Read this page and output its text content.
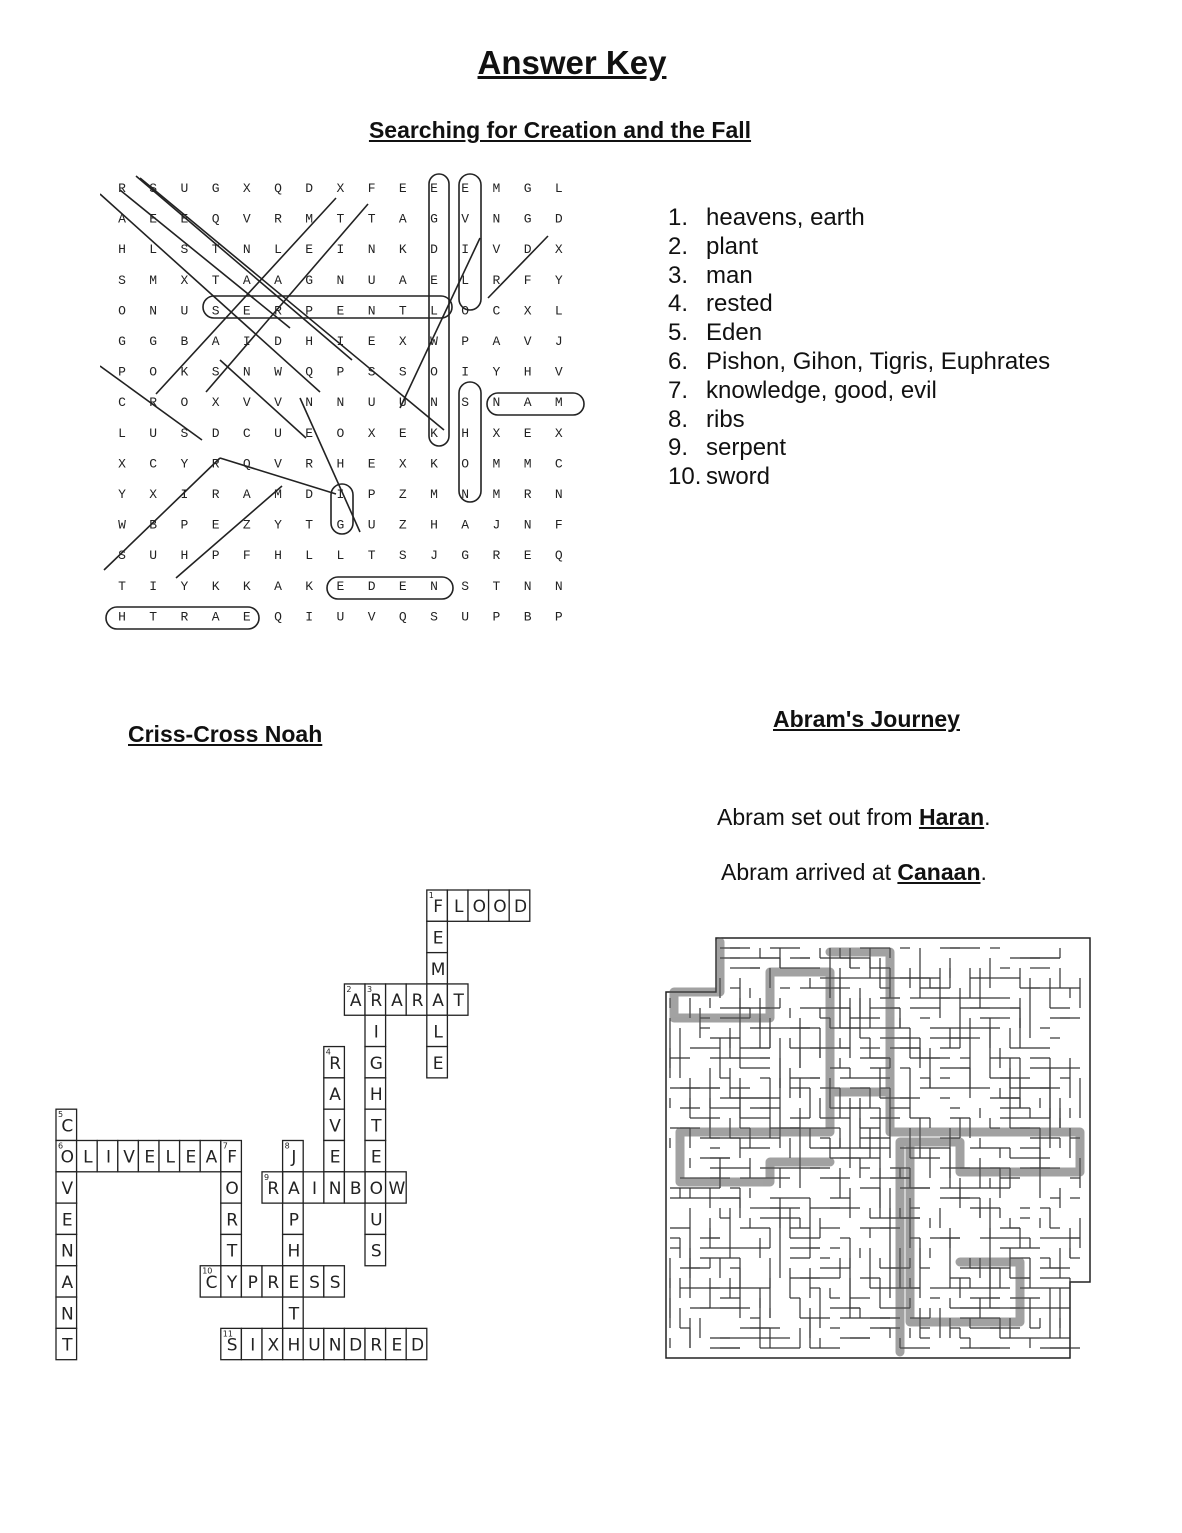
Answer Key
Searching for Creation and the Fall
R S U G X Q D X F E E E M G L
A E E Q V R M T T A G V N G D
H L S T N L E I N K D I V D X
S M X T A A G N U A E L R F Y
O N U S E R P E N T L O C X L
G G B A I D H I E X W P A V J
P O K S N W Q P S S O I Y H V
C R O X V V N N U U N S N A M
L U S D C U E O X E K H X E X
X C Y R Q V R H E X K O M M C
Y X I R A M D I P Z M N M R N
W B P E Z Y T G U Z H A J N F
S U H P F H L L T S J G R E Q
T I Y K K A K E D E N S T N N
H T R A E Q I U V Q S U P B P
1. heavens, earth
2. plant
3. man
4. rested
5. Eden
6. Pishon, Gihon, Tigris, Euphrates
7. knowledge, good, evil
8. ribs
9. serpent
10. sword
Criss-Cross Noah
F
1
L O O D
E
M
A
L
E
A
2
R
3
A R T
I
G
H
T
E
O
U
S
R
4
A
V
E
N
C
5
O
6
V
E
N
A
N
T
L I V E L E A F
7
O
R
T
Y
J
8
A
P
H
E
T
H
R
9
I B W
C
10
P R S S
S
11
I X U N D R E D
Abram's Journey
Abram set out from Haran.
Abram arrived at Canaan.
